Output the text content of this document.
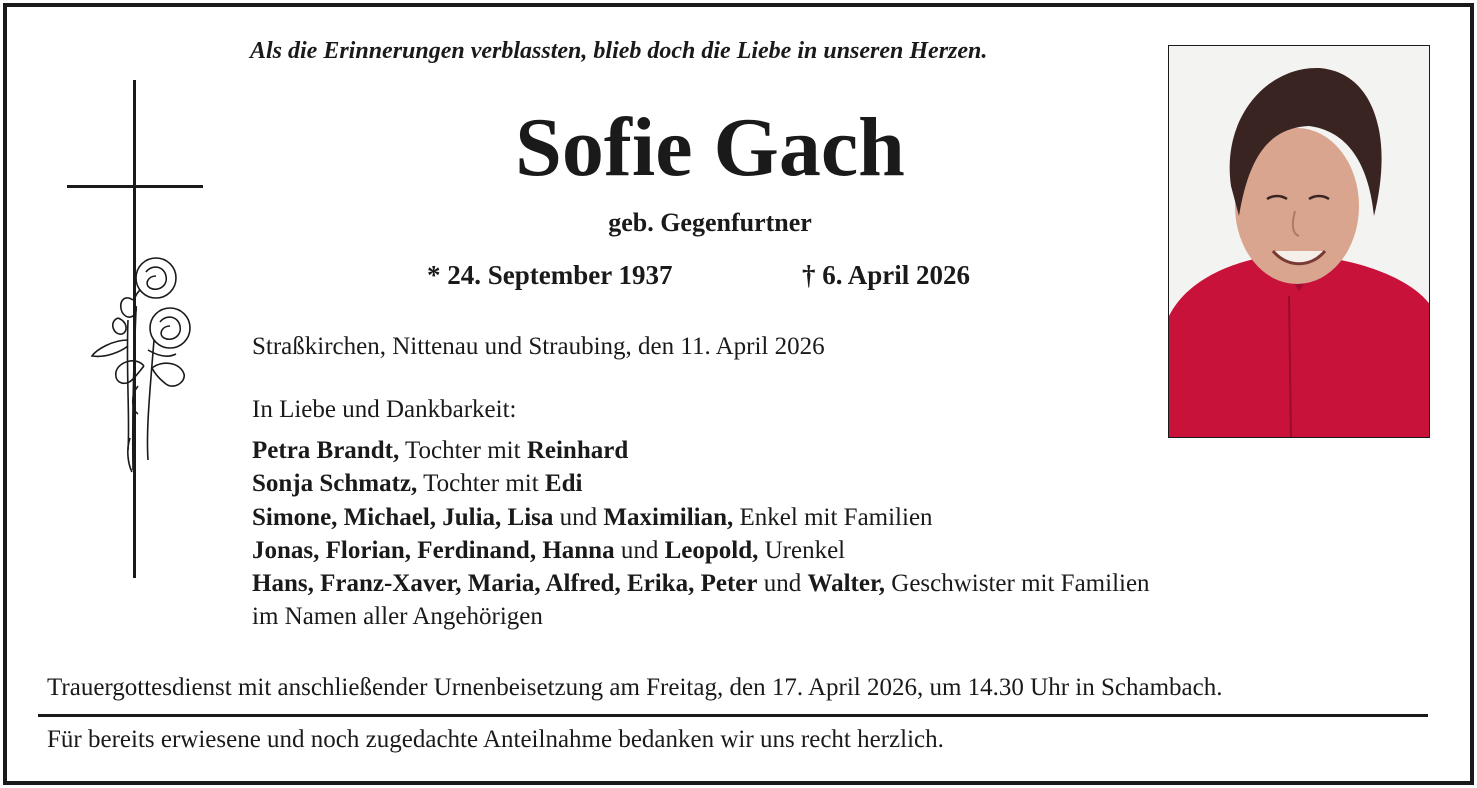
Als die Erinnerungen verblassten, blieb doch die Liebe in unseren Herzen.
Sofie Gach
geb. Gegenfurtner
* 24. September 1937	† 6. April 2026
Straßkirchen, Nittenau und Straubing, den 11. April 2026
In Liebe und Dankbarkeit:
Petra Brandt, Tochter mit Reinhard
Sonja Schmatz, Tochter mit Edi
Simone, Michael, Julia, Lisa und Maximilian, Enkel mit Familien
Jonas, Florian, Ferdinand, Hanna und Leopold, Urenkel
Hans, Franz-Xaver, Maria, Alfred, Erika, Peter und Walter, Geschwister mit Familien
im Namen aller Angehörigen
Trauergottesdienst mit anschließender Urnenbeisetzung am Freitag, den 17. April 2026, um 14.30 Uhr in Schambach.
Für bereits erwiesene und noch zugedachte Anteilnahme bedanken wir uns recht herzlich.
